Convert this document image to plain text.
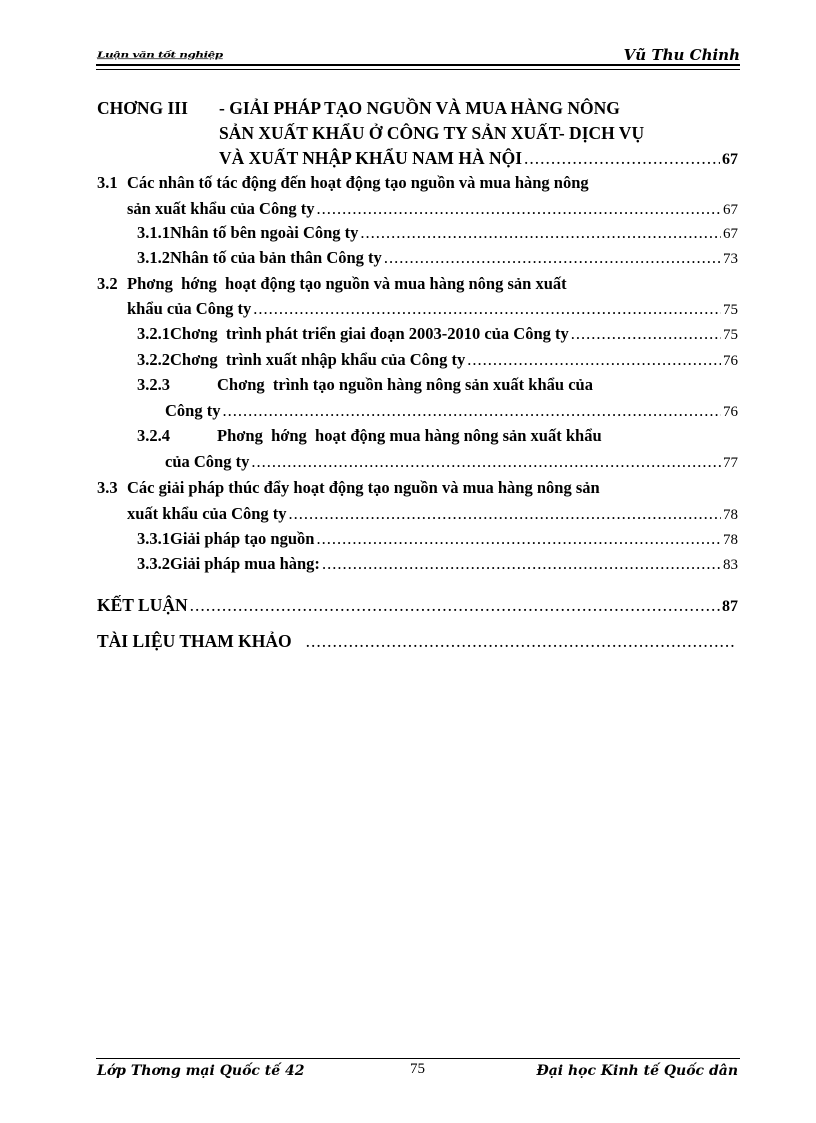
Luận văn tốt nghiệp	Vũ Thu Chinh
CHƠNG III	- GIẢI PHÁP TẠO NGUỒN VÀ MUA HÀNG NÔNG
SẢN XUẤT KHẨU Ở CÔNG TY SẢN XUẤT- DỊCH VỤ
VÀ XUẤT NHẬP KHẨU NAM HÀ NỘI .....	67
3.1 Các nhân tố tác động đến hoạt động tạo nguồn và mua hàng nông
sản xuất khẩu của Công ty .....	67
3.1.1 Nhân tố bên ngoài Công ty .....	67
3.1.2 Nhân tố của bản thân Công ty .....	73
3.2 Phơng  hớng  hoạt động tạo nguồn và mua hàng nông sản xuất
khẩu của Công ty .....	75
3.2.1 Chơng  trình phát triển giai đoạn 2003-2010 của Công ty .....	75
3.2.2 Chơng  trình xuất nhập khẩu của Công ty .....	76
3.2.3	Chơng  trình tạo nguồn hàng nông sản xuất khẩu của
Công ty .....	76
3.2.4	Phơng  hớng  hoạt động mua hàng nông sản xuất khẩu
của Công ty .....	77
3.3 Các giải pháp thúc đẩy hoạt động tạo nguồn và mua hàng nông sản
xuất khẩu của Công ty .....	78
3.3.1 Giải pháp tạo nguồn .....	78
3.3.2 Giải pháp mua hàng: .....	83
KẾT LUẬN .....	87
TÀI LIỆU THAM KHẢO
.....
Lớp Thơng mại Quốc tế 42	75	Đại học Kinh tế Quốc dân
